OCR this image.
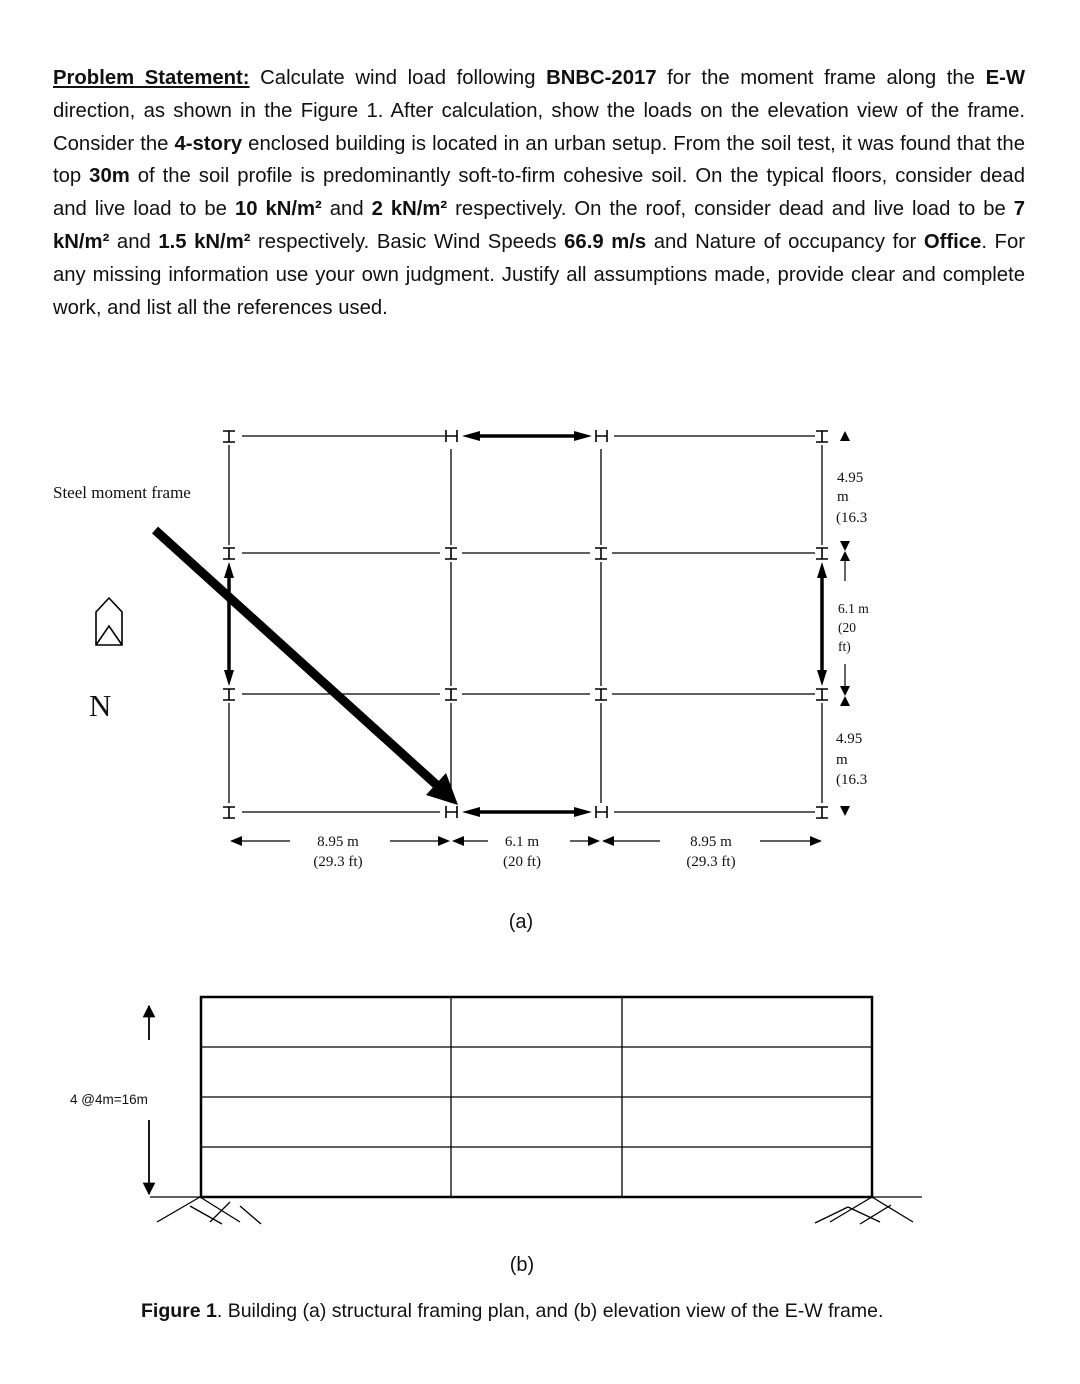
Problem Statement: Calculate wind load following BNBC-2017 for the moment frame along the E-W direction, as shown in the Figure 1. After calculation, show the loads on the elevation view of the frame. Consider the 4-story enclosed building is located in an urban setup. From the soil test, it was found that the top 30m of the soil profile is predominantly soft-to-firm cohesive soil. On the typical floors, consider dead and live load to be 10 kN/m² and 2 kN/m² respectively. On the roof, consider dead and live load to be 7 kN/m² and 1.5 kN/m² respectively. Basic Wind Speeds 66.9 m/s and Nature of occupancy for Office. For any missing information use your own judgment. Justify all assumptions made, provide clear and complete work, and list all the references used.
Steel moment frame
N
4.95
m
(16.3
6.1 m
(20
ft)
4.95
m
(16.3
8.95 m
(29.3 ft)
6.1 m
(20 ft)
8.95 m
(29.3 ft)
(a)
4 @4m=16m
(b)
Figure 1. Building (a) structural framing plan, and (b) elevation view of the E-W frame.
